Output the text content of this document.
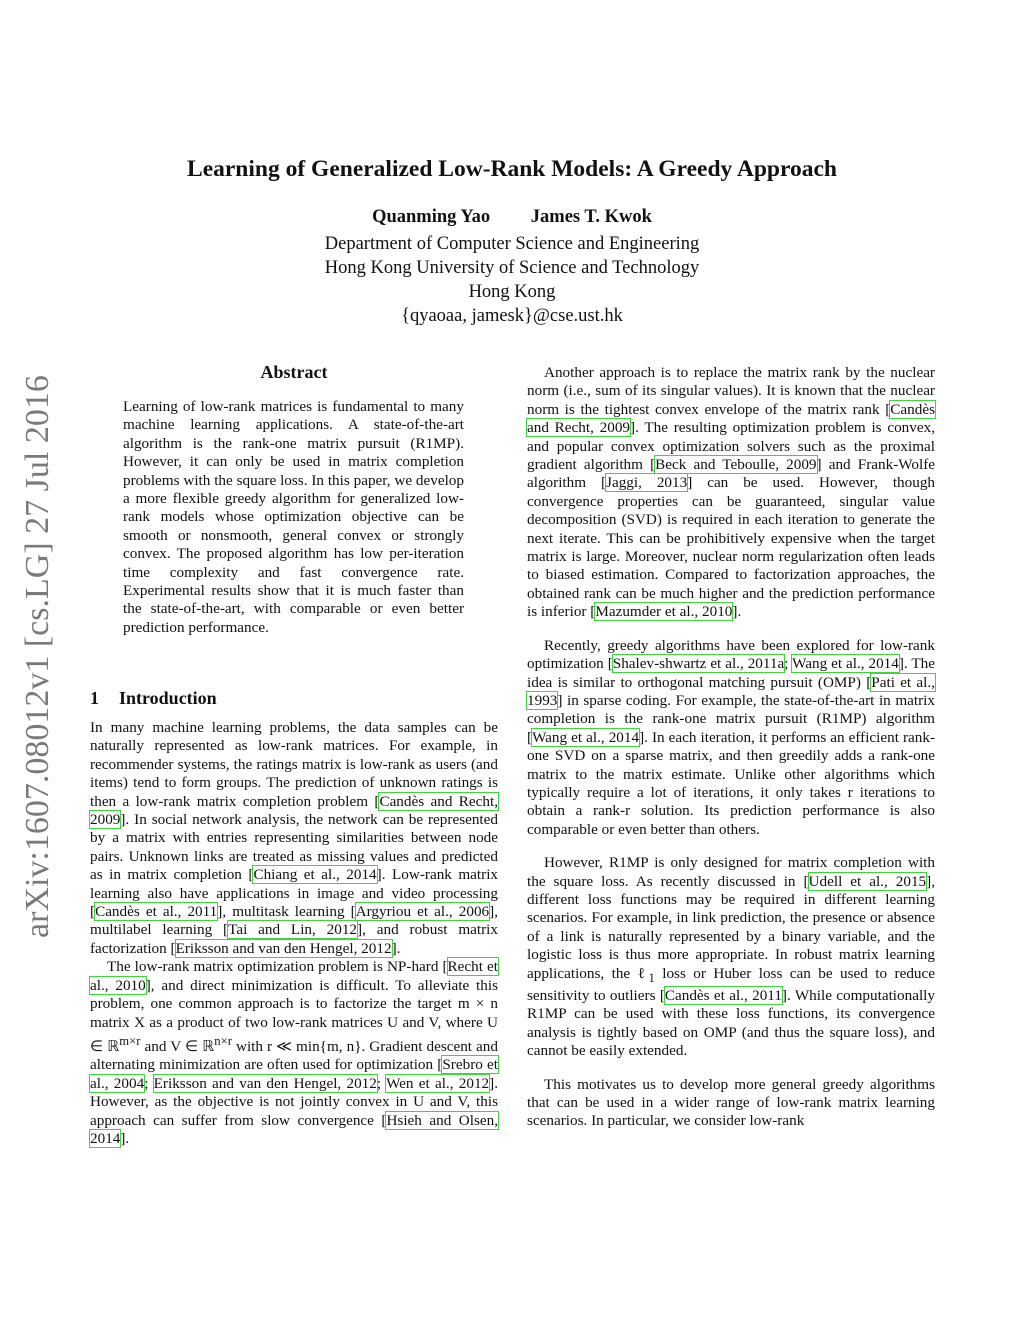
arXiv:1607.08012v1 [cs.LG] 27 Jul 2016
Learning of Generalized Low-Rank Models: A Greedy Approach
Quanming Yao James T. Kwok
Department of Computer Science and Engineering
Hong Kong University of Science and Technology
Hong Kong
{qyaoaa, jamesk}@cse.ust.hk
Abstract
Learning of low-rank matrices is fundamental to many machine learning applications. A state-of-the-art algorithm is the rank-one matrix pursuit (R1MP). However, it can only be used in matrix completion problems with the square loss. In this paper, we develop a more flexible greedy algorithm for generalized low-rank models whose optimization objective can be smooth or nonsmooth, general convex or strongly convex. The proposed algorithm has low per-iteration time complexity and fast convergence rate. Experimental results show that it is much faster than the state-of-the-art, with comparable or even better prediction performance.
1 Introduction

In many machine learning problems, the data samples can be naturally represented as low-rank matrices. For example, in recommender systems, the ratings matrix is low-rank as users (and items) tend to form groups. The prediction of unknown ratings is then a low-rank matrix completion problem [Candès and Recht, 2009]. In social network analysis, the network can be represented by a matrix with entries representing similarities between node pairs. Unknown links are treated as missing values and predicted as in matrix completion [Chiang et al., 2014]. Low-rank matrix learning also have applications in image and video processing [Candès et al., 2011], multitask learning [Argyriou et al., 2006], multilabel learning [Tai and Lin, 2012], and robust matrix factorization [Eriksson and van den Hengel, 2012].

The low-rank matrix optimization problem is NP-hard [Recht et al., 2010], and direct minimization is difficult. To alleviate this problem, one common approach is to factorize the target m × n matrix X as a product of two low-rank matrices U and V, where U ∈ ℝ$^{m\times r}$ and V ∈ ℝ$^{n\times r}$ with r ≪ min{m, n}. Gradient descent and alternating minimization are often used for optimization [Srebro et al., 2004; Eriksson and van den Hengel, 2012; Wen et al., 2012]. However, as the objective is not jointly convex in U and V, this approach can suffer from slow convergence [Hsieh and Olsen, 2014].

Another approach is to replace the matrix rank by the nuclear norm (i.e., sum of its singular values). It is known that the nuclear norm is the tightest convex envelope of the matrix rank [Candès and Recht, 2009]. The resulting optimization problem is convex, and popular convex optimization solvers such as the proximal gradient algorithm [Beck and Teboulle, 2009] and Frank-Wolfe algorithm [Jaggi, 2013] can be used. However, though convergence properties can be guaranteed, singular value decomposition (SVD) is required in each iteration to generate the next iterate. This can be prohibitively expensive when the target matrix is large. Moreover, nuclear norm regularization often leads to biased estimation. Compared to factorization approaches, the obtained rank can be much higher and the prediction performance is inferior [Mazumder et al., 2010].

Recently, greedy algorithms have been explored for low-rank optimization [Shalev-shwartz et al., 2011a; Wang et al., 2014]. The idea is similar to orthogonal matching pursuit (OMP) [Pati et al., 1993] in sparse coding. For example, the state-of-the-art in matrix completion is the rank-one matrix pursuit (R1MP) algorithm [Wang et al., 2014]. In each iteration, it performs an efficient rank-one SVD on a sparse matrix, and then greedily adds a rank-one matrix to the matrix estimate. Unlike other algorithms which typically require a lot of iterations, it only takes r iterations to obtain a rank-r solution. Its prediction performance is also comparable or even better than others.

However, R1MP is only designed for matrix completion with the square loss. As recently discussed in [Udell et al., 2015], different loss functions may be required in different learning scenarios. For example, in link prediction, the presence or absence of a link is naturally represented by a binary variable, and the logistic loss is thus more appropriate. In robust matrix learning applications, the ℓ$_1$ loss or Huber loss can be used to reduce sensitivity to outliers [Candès et al., 2011]. While computationally R1MP can be used with these loss functions, its convergence analysis is tightly based on OMP (and thus the square loss), and cannot be easily extended.

This motivates us to develop more general greedy algorithms that can be used in a wider range of low-rank matrix learning scenarios. In particular, we consider low-rank
